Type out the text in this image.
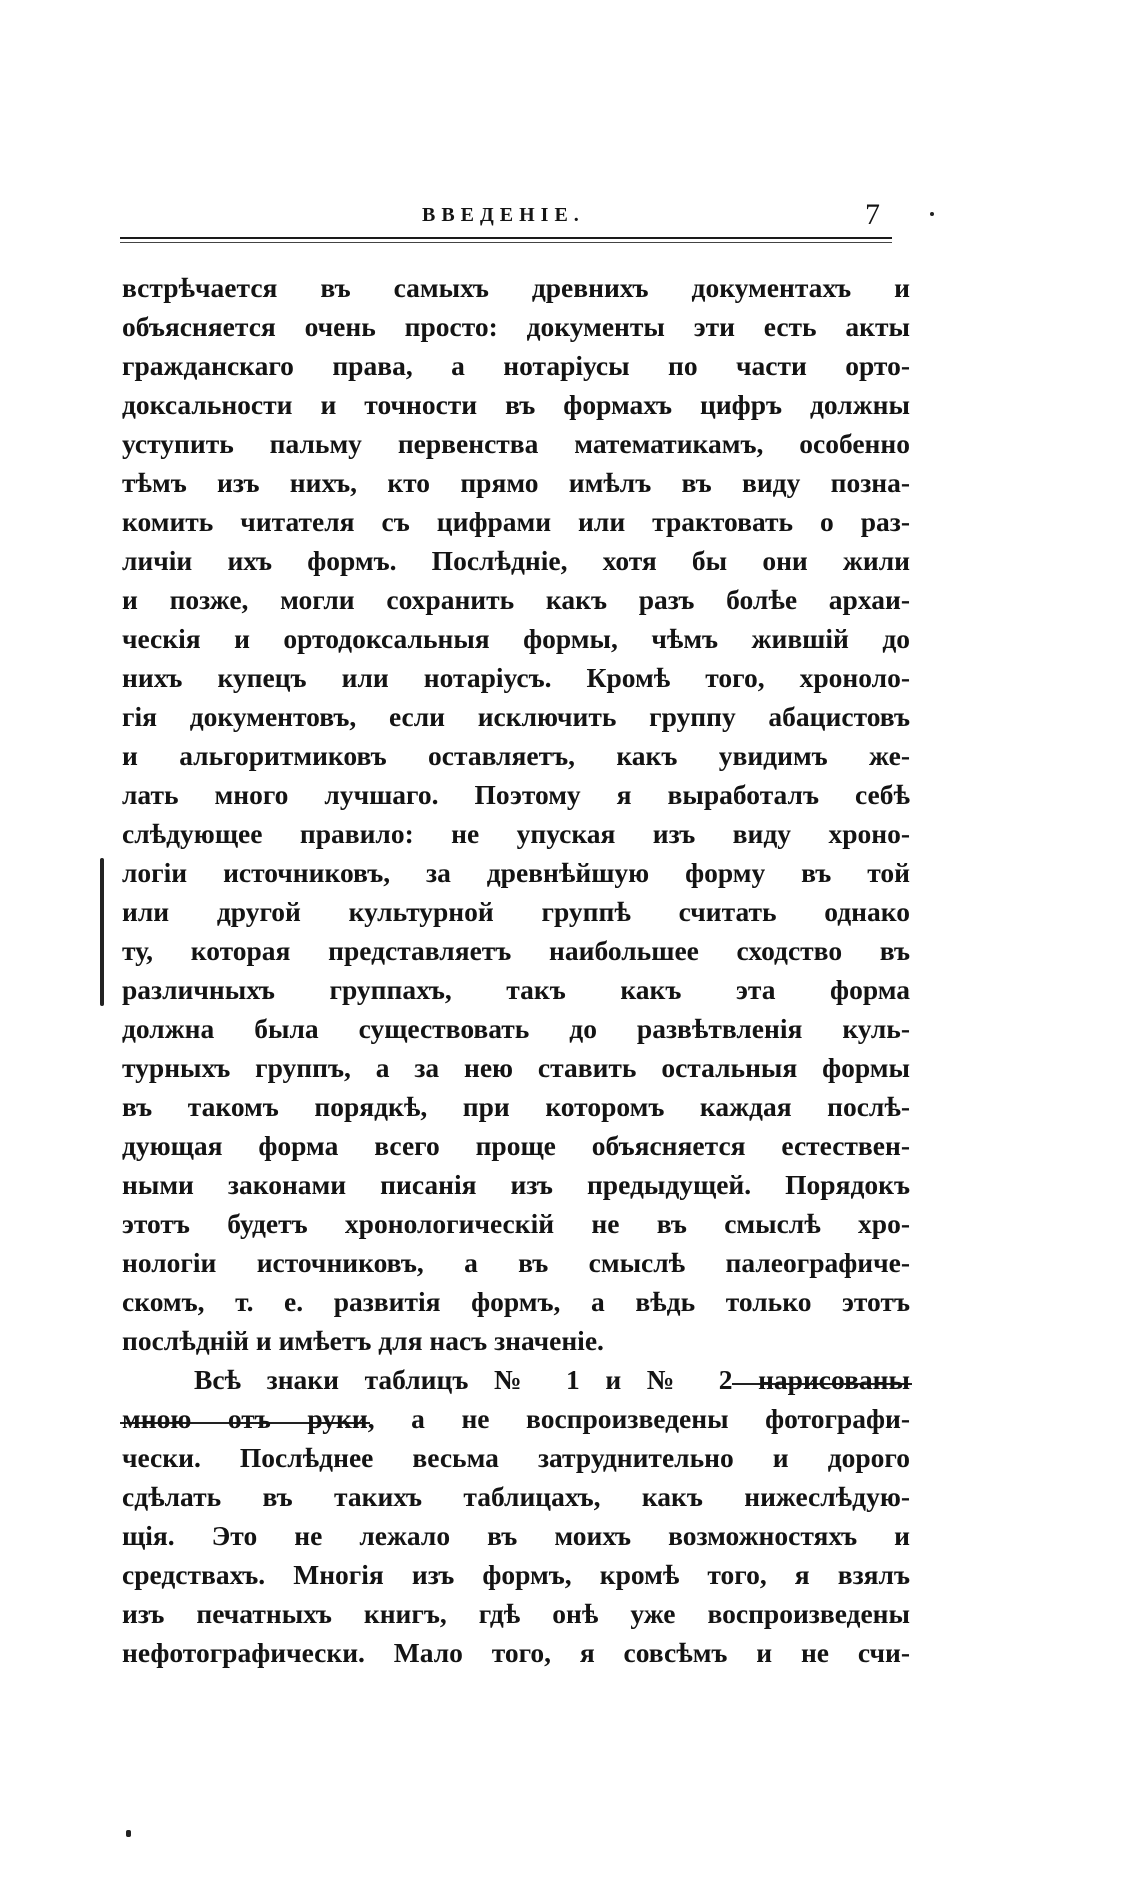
ВВЕДЕНІЕ.	7
встрѣчается въ самыхъ древнихъ документахъ и
объясняется очень просто: документы эти есть акты
гражданскаго права, а нотаріусы по части орто-
доксальности и точности въ формахъ цифръ должны
уступить пальму первенства математикамъ, особенно
тѣмъ изъ нихъ, кто прямо имѣлъ въ виду позна-
комить читателя съ цифрами или трактовать о раз-
личіи ихъ формъ. Послѣдніе, хотя бы они жили
и позже, могли сохранить какъ разъ болѣе архаи-
ческія и ортодоксальныя формы, чѣмъ жившій до
нихъ купецъ или нотаріусъ. Кромѣ того, хроноло-
гія документовъ, если исключить группу абацистовъ
и альгоритмиковъ оставляетъ, какъ увидимъ же-
лать много лучшаго. Поэтому я выработалъ себѣ
слѣдующее правило: не упуская изъ виду хроно-
логіи источниковъ, за древнѣйшую форму въ той
или другой культурной группѣ считать однако
ту, которая представляетъ наибольшее сходство въ
различныхъ группахъ, такъ какъ эта форма
должна была существовать до развѣтвленія куль-
турныхъ группъ, а за нею ставить остальныя формы
въ такомъ порядкѣ, при которомъ каждая послѣ-
дующая форма всего проще объясняется естествен-
ными законами писанія изъ предыдущей. Порядокъ
этотъ будетъ хронологическій не въ смыслѣ хро-
нологіи источниковъ, а въ смыслѣ палеографиче-
скомъ, т. е. развитія формъ, а вѣдь только этотъ
послѣдній и имѣетъ для насъ значеніе.
Всѣ знаки таблицъ № 1 и № 2 нарисованы
мною отъ руки, а не воспроизведены фотографи-
чески. Послѣднее весьма затруднительно и дорого
сдѣлать въ такихъ таблицахъ, какъ нижеслѣдую-
щія. Это не лежало въ моихъ возможностяхъ и
средствахъ. Многія изъ формъ, кромѣ того, я взялъ
изъ печатныхъ книгъ, гдѣ онѣ уже воспроизведены
нефотографически. Мало того, я совсѣмъ и не счи-
